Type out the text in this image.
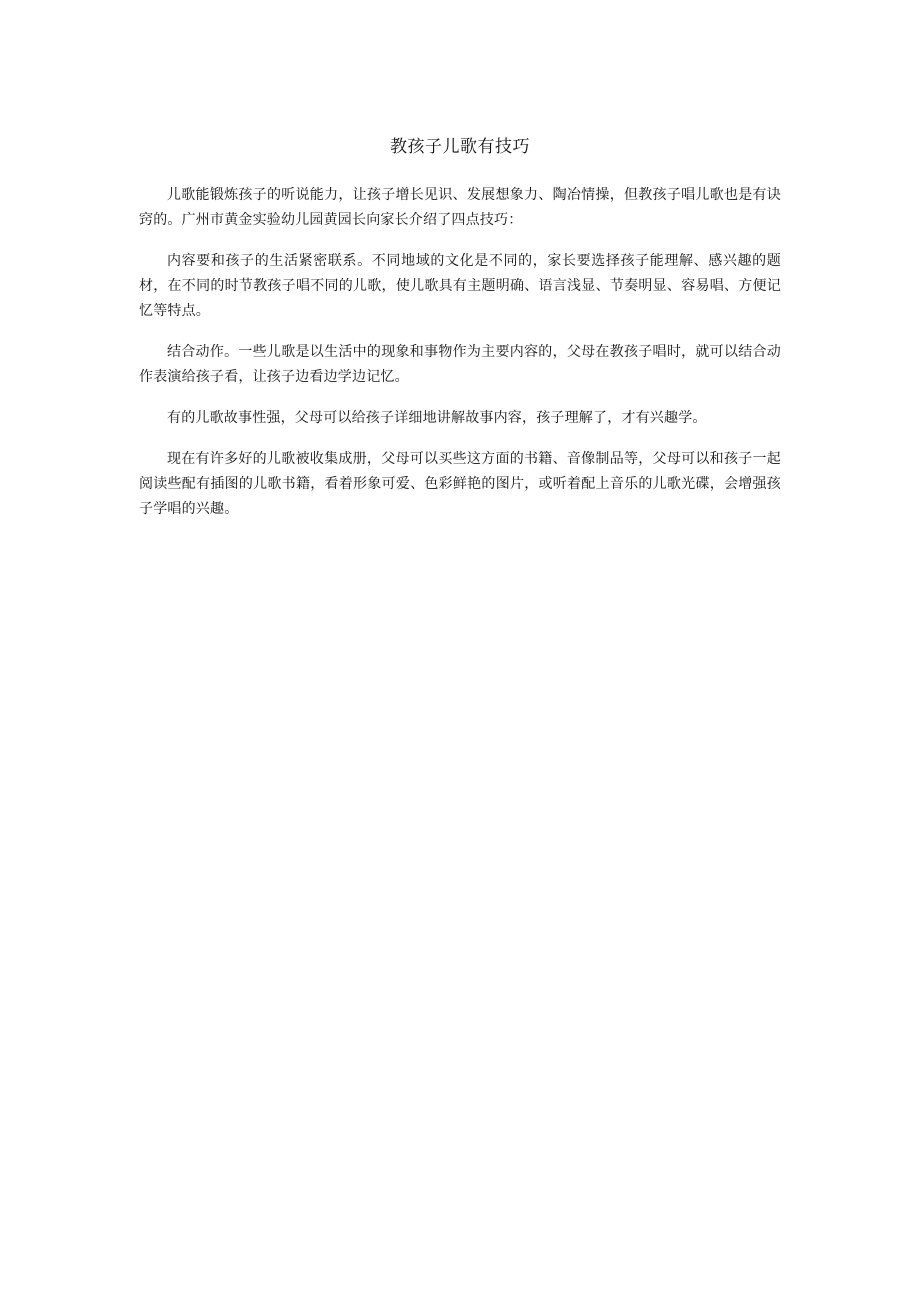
教孩子儿歌有技巧

儿歌能锻炼孩子的听说能力，让孩子增长见识、发展想象力、陶冶情操，但教孩子唱儿歌也是有诀窍的。广州市黄金实验幼儿园黄园长向家长介绍了四点技巧：

内容要和孩子的生活紧密联系。不同地域的文化是不同的，家长要选择孩子能理解、感兴趣的题材，在不同的时节教孩子唱不同的儿歌，使儿歌具有主题明确、语言浅显、节奏明显、容易唱、方便记忆等特点。

结合动作。一些儿歌是以生活中的现象和事物作为主要内容的，父母在教孩子唱时，就可以结合动作表演给孩子看，让孩子边看边学边记忆。

有的儿歌故事性强，父母可以给孩子详细地讲解故事内容，孩子理解了，才有兴趣学。

现在有许多好的儿歌被收集成册，父母可以买些这方面的书籍、音像制品等，父母可以和孩子一起阅读些配有插图的儿歌书籍，看着形象可爱、色彩鲜艳的图片，或听着配上音乐的儿歌光碟，会增强孩子学唱的兴趣。
